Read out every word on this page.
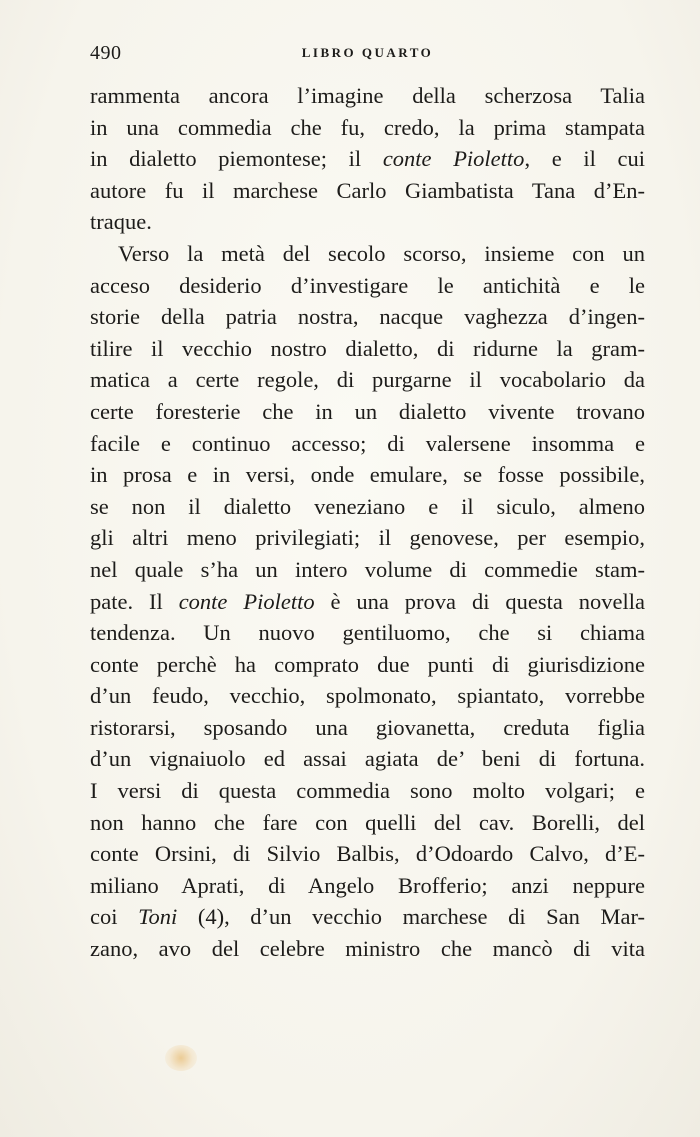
490	LIBRO QUARTO
rammenta ancora l’imagine della scherzosa Talia
in una commedia che fu, credo, la prima stampata
in dialetto piemontese; il conte Pioletto, e il cui
autore fu il marchese Carlo Giambatista Tana d’En-
traque.
Verso la metà del secolo scorso, insieme con un
acceso desiderio d’investigare le antichità e le
storie della patria nostra, nacque vaghezza d’ingen-
tilire il vecchio nostro dialetto, di ridurne la gram-
matica a certe regole, di purgarne il vocabolario da
certe foresterie che in un dialetto vivente trovano
facile e continuo accesso; di valersene insomma e
in prosa e in versi, onde emulare, se fosse possibile,
se non il dialetto veneziano e il siculo, almeno
gli altri meno privilegiati; il genovese, per esempio,
nel quale s’ha un intero volume di commedie stam-
pate. Il conte Pioletto è una prova di questa novella
tendenza. Un nuovo gentiluomo, che si chiama
conte perchè ha comprato due punti di giurisdizione
d’un feudo, vecchio, spolmonato, spiantato, vorrebbe
ristorarsi, sposando una giovanetta, creduta figlia
d’un vignaiuolo ed assai agiata de’ beni di fortuna.
I versi di questa commedia sono molto volgari; e
non hanno che fare con quelli del cav. Borelli, del
conte Orsini, di Silvio Balbis, d’Odoardo Calvo, d’E-
miliano Aprati, di Angelo Brofferio; anzi neppure
coi Toni (4), d’un vecchio marchese di San Mar-
zano, avo del celebre ministro che mancò di vita
